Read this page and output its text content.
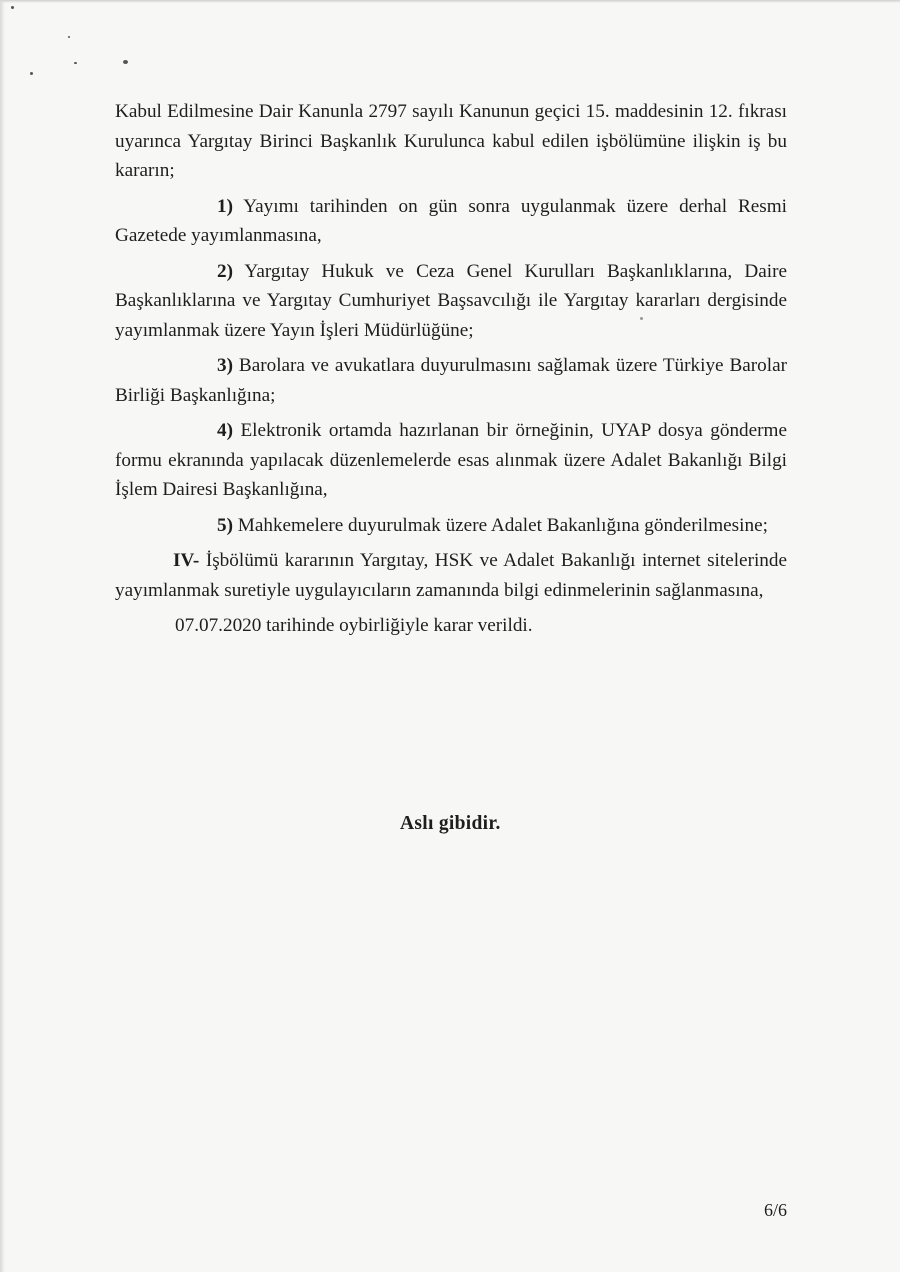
Kabul Edilmesine Dair Kanunla 2797 sayılı Kanunun geçici 15. maddesinin 12. fıkrası uyarınca Yargıtay Birinci Başkanlık Kurulunca kabul edilen işbölümüne ilişkin iş bu kararın;

1) Yayımı tarihinden on gün sonra uygulanmak üzere derhal Resmi Gazetede yayımlanmasına,

2) Yargıtay Hukuk ve Ceza Genel Kurulları Başkanlıklarına, Daire Başkanlıklarına ve Yargıtay Cumhuriyet Başsavcılığı ile Yargıtay kararları dergisinde yayımlanmak üzere Yayın İşleri Müdürlüğüne;

3) Barolara ve avukatlara duyurulmasını sağlamak üzere Türkiye Barolar Birliği Başkanlığına;

4) Elektronik ortamda hazırlanan bir örneğinin, UYAP dosya gönderme formu ekranında yapılacak düzenlemelerde esas alınmak üzere Adalet Bakanlığı Bilgi İşlem Dairesi Başkanlığına,

5) Mahkemelere duyurulmak üzere Adalet Bakanlığına gönderilmesine;

IV- İşbölümü kararının Yargıtay, HSK ve Adalet Bakanlığı internet sitelerinde yayımlanmak suretiyle uygulayıcıların zamanında bilgi edinmelerinin sağlanmasına,

07.07.2020 tarihinde oybirliğiyle karar verildi.

Aslı gibidir.
6/6
